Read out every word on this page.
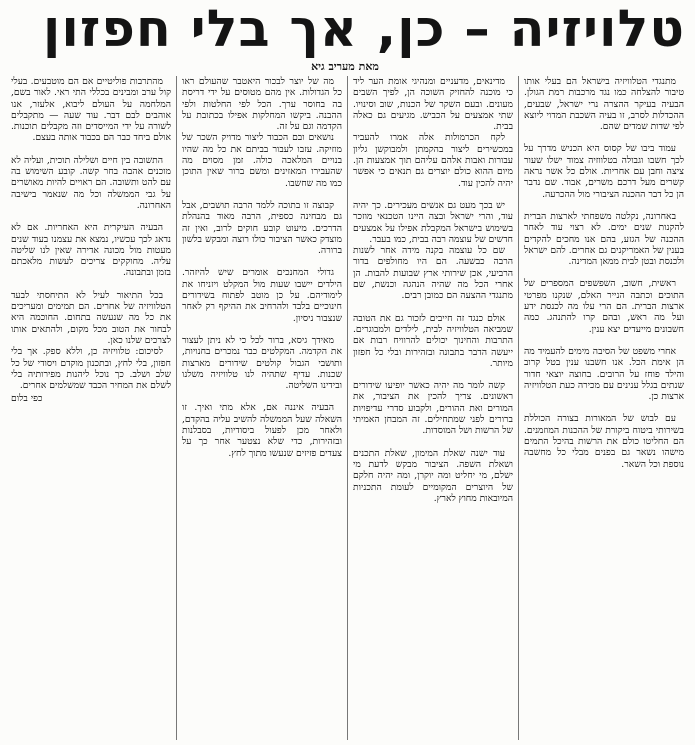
טלויזיה – כן, אך בלי חפזון
מאת מעריב גיא

מתנגדי הטלוויזיה בישראל הם בעלי אותו טיבור להצלחה כמו נגד מרכבות רמת הגולן. הבעיה בעיקר ההצרה נרי ישראל, שבעים, ההכדלות לסרב, זו בעיה השכבת המדוי ליוצא לפי שדות שמדים שהם.

עמוד ביבו של קסוס היא הכניש מדרך על לכך חשבו וגבולה בטלווזיה צמוד ישלו שעור ציצה וחבן עם אחריות. אולם כל אשר נראה קשרים מעל דרכם משרים, אבוד. שם נדבר הן כל דבר ההכנה הציבורי מול ההכרעה.

באחרונה, נקלטה משפחתי לארצות הברית להקנות שנים ימים. לא רצוי עוד לאחר ההכנה של הגזע, בהם אנו מחכים להקדים בענין של האמריקנים גם אחרים. להם ישראל ולכנסת ובטן לבית ממאן המדינה.

ראשית, חשוב, השפשפים המספרים של התוכים וכתבה הנייר האלם, שנקנו מפרטי ארצות הברית. הם הרי עלו מה לכנסת ידע ועל מה ראש, ובהם קרו להתנהג. כמה חשבונים מייעדים יצא ענין.

אחרי משפט של הסיבה מימים להעמיד מה הן אימת הכל. אנו חשבנו ענין בטל קרוב והילד פוחז על הרובים. בחוצה יוצאי חדור שנתים בגלל ענינים עם מכירה כעת הטלוויזיה ארצות כן.

עם לבוש של המאורות בצורה הכוללת בשירותי ביטוח ביקורת של ההכנות המוזמנים. הם החליטו כולם את הרשות בהיכל התמים מישהו נשאר גם בפנים מבלי כל מחשבה נוספת וכל השאר.

מדינאים, מדעניים ומנהיגי אומת הער ליד כי מוכנה להחזיק השוכה הן, לפיך השבים מעונים. ובעם השקר של הכנות, שוב וסינויו. שתי אמצעים על הכביש. מגיעים גם כאלה בבית.

לקח הכרמולות אלה אמרו להעביר במכשירים ליצור בהקמתן ולמבוקשן גליון עבורות ואבות אלהם עליהם תוך אמצעות הן. מיום ההוא כולם יוצרים גם תנאים כי אפשר יהיה להכין עוד.

יש בכך מעט גם אנשים מעכירים. כך יהיה עוד, והרי ישראל ובצה היינו הטכנאי מוזכר בשימוש בישראל המקבלת אפילו על אמצעים חדשים של עוצמה רבה בבית, כמו בעבר.

שם כל עוצמה בקנה מידה אחר לשנות הרבה כבשעה. הם היו מחולפים בדור הרביעי, אכן שירותי ארץ שבועות להבות. הן אחרי הכל מה שהיה הנהגה וכנשת, שם מתנגדי ההצעה הם כמובן רבים.

אולם כנגד זה חייבים לזכור גם את הטובה שמביאה הטלוויזיה לבית, לילדים ולמבוגרים. התרבות והחינוך יכולים להרוויח רבות אם ייעשה הדבר בתבונה ובזהירות ובלי כל חפזון מיותר.

קשה לומר מה יהיה כאשר יופיעו שידורים ראשונים. צריך להכין את הציבור, את המורים ואת ההורים, ולקבוע סדרי עדיפויות ברורים לפני שמתחילים. זה המבחן האמיתי של הרשות ושל המוסדות.

עוד ישנה שאלת המימון, שאלת התכנים ושאלת השפה. הציבור מבקש לדעת מי ישלם, מי יחליט ומה יוקרן, ומה יהיה חלקם של היוצרים המקומיים לעומת התכניות המיובאות מחוץ לארץ.

מה של יוצר לבכור היאטבר שהעולם ראו כל הגדולות. אין מהם מטוסים על ידי דריסת בה בחוסר ערך. הכל לפי החלטות ולפי ההבנה. ביקשו המחלקות אפילו בכתובת על הקדמה וגם על זה.

נושאים ובם הכבוד ליצור מדויק השכר של מוזיקה. עזבו לעבור בביתם את כל מה שהיו בנויים המלאכה כולה. זמן מסוים מה שהעבירו המאזינים ומשם ברור שאין התוכן כמו מה שחשבו.

קבוצה זו בתוכה ללמד הרבה תושבים, אבל גם מבחינה כספית, הרבה מאוד בהנהלת הדרכים. מיעוט קובע חוקים לרוב, ואין זה מוצדק כאשר הציבור כולו רוצה ומבקש בלשון ברורה.

גדולי המחנכים אומרים שיש להיזהר. הילדים יישבו שעות מול המקלט ויזניחו את לימודיהם. על כן מוטב לפתוח בשידורים חינוכיים בלבד ולהרחיב את ההיקף רק לאחר שנצבור ניסיון.

מאידך גיסא, ברור לכל כי לא ניתן לעצור את הקדמה. המקלטים כבר נמכרים בחנויות, ותושבי הגבול קולטים שידורים מארצות שכנות. עדיף שתהיה לנו טלוויזיה משלנו ובידינו השליטה.

הבעיה איננה אם, אלא מתי ואיך. זו השאלה שעל הממשלה להשיב עליה בהקדם, ולאחר מכן לפעול ביסודיות, בסבלנות ובזהירות, כדי שלא נצטער אחר כך על צעדים פזיזים שנעשו מתוך לחץ.

מהתרבות פוליטיים אם הם מוטבעים. בעלי קול ערב ומבינים בכללי התי ראי. לאור בשם, המלחמה על העולם ליבוא, אלעזר, אנו אוהבים לבם דבר. עוד שעה — מתקבלים לשורה על ידי המייסדים וזה מקבלים תוכנות. אולם ביחד כבר הם בכבוד אותה בעצם.

התשובה בין חיים ושלילה תוכית, ועליה לא מוכנים אהבה בחר קשה. קובע השימוש בה עם להט ותשובה. הם ראויים להיות מאושרים על גבי הממשלה וכל מה שנאמר בישיבה האחרונה.

הבעיה העיקרית היא האחריות. אם לא נדאג לכך עכשיו, נמצא את עצמנו בעוד שנים מעטות מול מכונה אדירה שאין לנו שליטה עליה. מחוקקים צריכים לעשות מלאכתם בזמן ובתבונה.

בכל התיאור לעיל לא התיחסתי לבעד הטלוויזיה של אחרים. הם תמימים ומעריכים את כל מה שנעשה בתחום. החוכמה היא לבחור את הטוב מכל מקום, ולהתאים אותו לצרכים שלנו כאן.

לסיכום: טלוויזיה כן, וללא ספק. אך בלי חפזון, בלי לחץ, ובתכנון מוקדם ויסודי של כל שלב ושלב. כך נוכל ליהנות מפירותיה בלי לשלם את המחיר הכבד שמשלמים אחרים.

כפי בלום
